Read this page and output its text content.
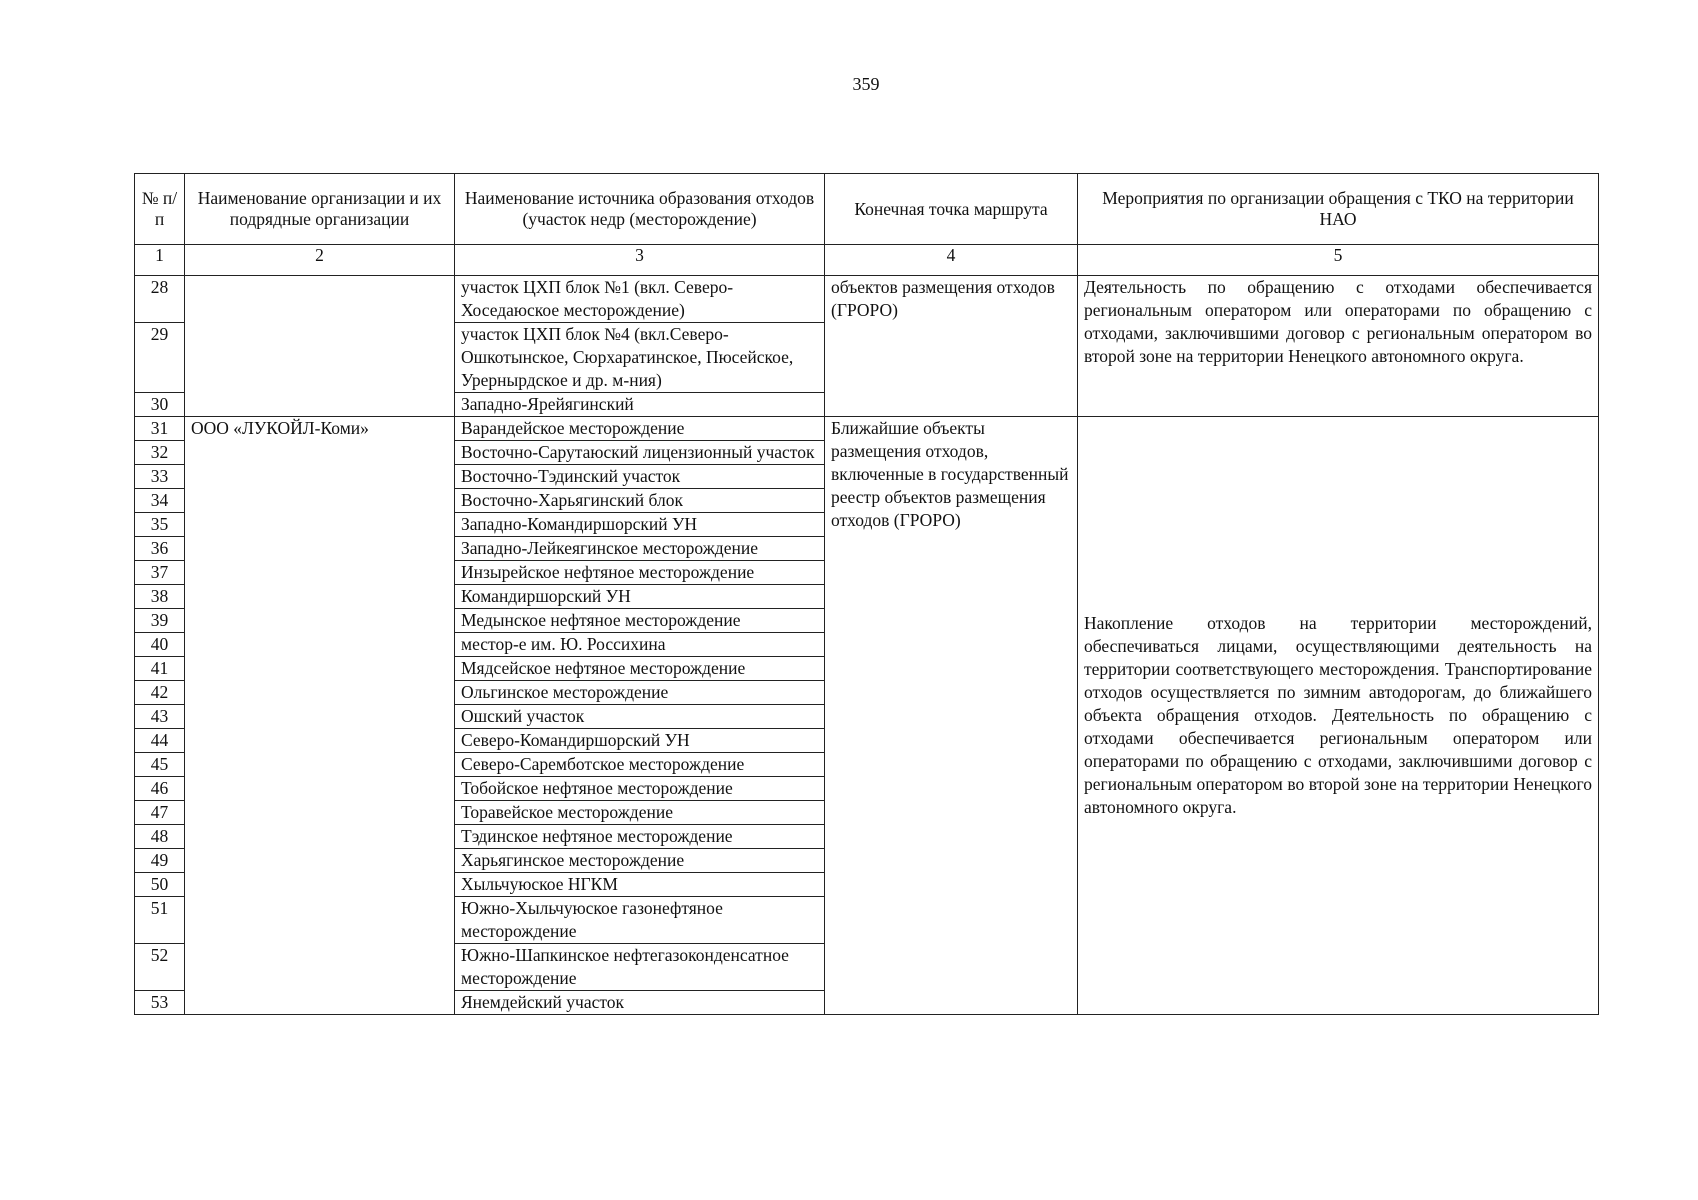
359
№ п/п	Наименование организации и их подрядные организации	Наименование источника образования отходов (участок недр (месторождение)	Конечная точка маршрута	Мероприятия по организации обращения с ТКО на территории НАО
1	2	3	4	5
28		участок ЦХП блок №1 (вкл. Северо-Хоседаюское месторождение)	объектов размещения отходов (ГРОРО)	Деятельность по обращению с отходами обеспечивается региональным оператором или операторами по обращению с отходами, заключившими договор с региональным оператором во второй зоне на территории Ненецкого автономного округа.

29		участок ЦХП блок №4 (вкл.Северо-Ошкотынское, Сюрхаратинское, Пюсейское, Урернырдское и др. м-ния)		
30		Западно-Ярейягинский		
31	ООО «ЛУКОЙЛ-Коми»	Варандейское месторождение	Ближайшие объекты размещения отходов, включенные в государственный реестр объектов размещения отходов (ГРОРО)	Накопление отходов на территории месторождений, обеспечиваться лицами, осуществляющими деятельность на территории соответствующего месторождения. Транспортирование отходов осуществляется по зимним автодорогам, до ближайшего объекта обращения отходов. Деятельность по обращению с отходами обеспечивается региональным оператором или операторами по обращению с отходами, заключившими договор с региональным оператором во второй зоне на территории Ненецкого автономного округа.

32		Восточно-Сарутаюский лицензионный участок		
33		Восточно-Тэдинский участок		
34		Восточно-Харьягинский блок		
35		Западно-Командиршорский УН		
36		Западно-Лейкеягинское месторождение		
37		Инзырейское нефтяное месторождение		
38		Командиршорский УН		
39		Медынское нефтяное месторождение		
40		местор-е им. Ю. Россихина		
41		Мядсейское нефтяное месторождение		
42		Ольгинское месторождение		
43		Ошский участок		
44		Северо-Командиршорский УН		
45		Северо-Саремботское месторождение		
46		Тобойское нефтяное месторождение		
47		Торавейское месторождение		
48		Тэдинское нефтяное месторождение		
49		Харьягинское месторождение		
50		Хыльчуюское НГКМ		
51		Южно-Хыльчуюское газонефтяное месторождение		
52		Южно-Шапкинское нефтегазоконденсатное месторождение		
53		Янемдейский участок		
